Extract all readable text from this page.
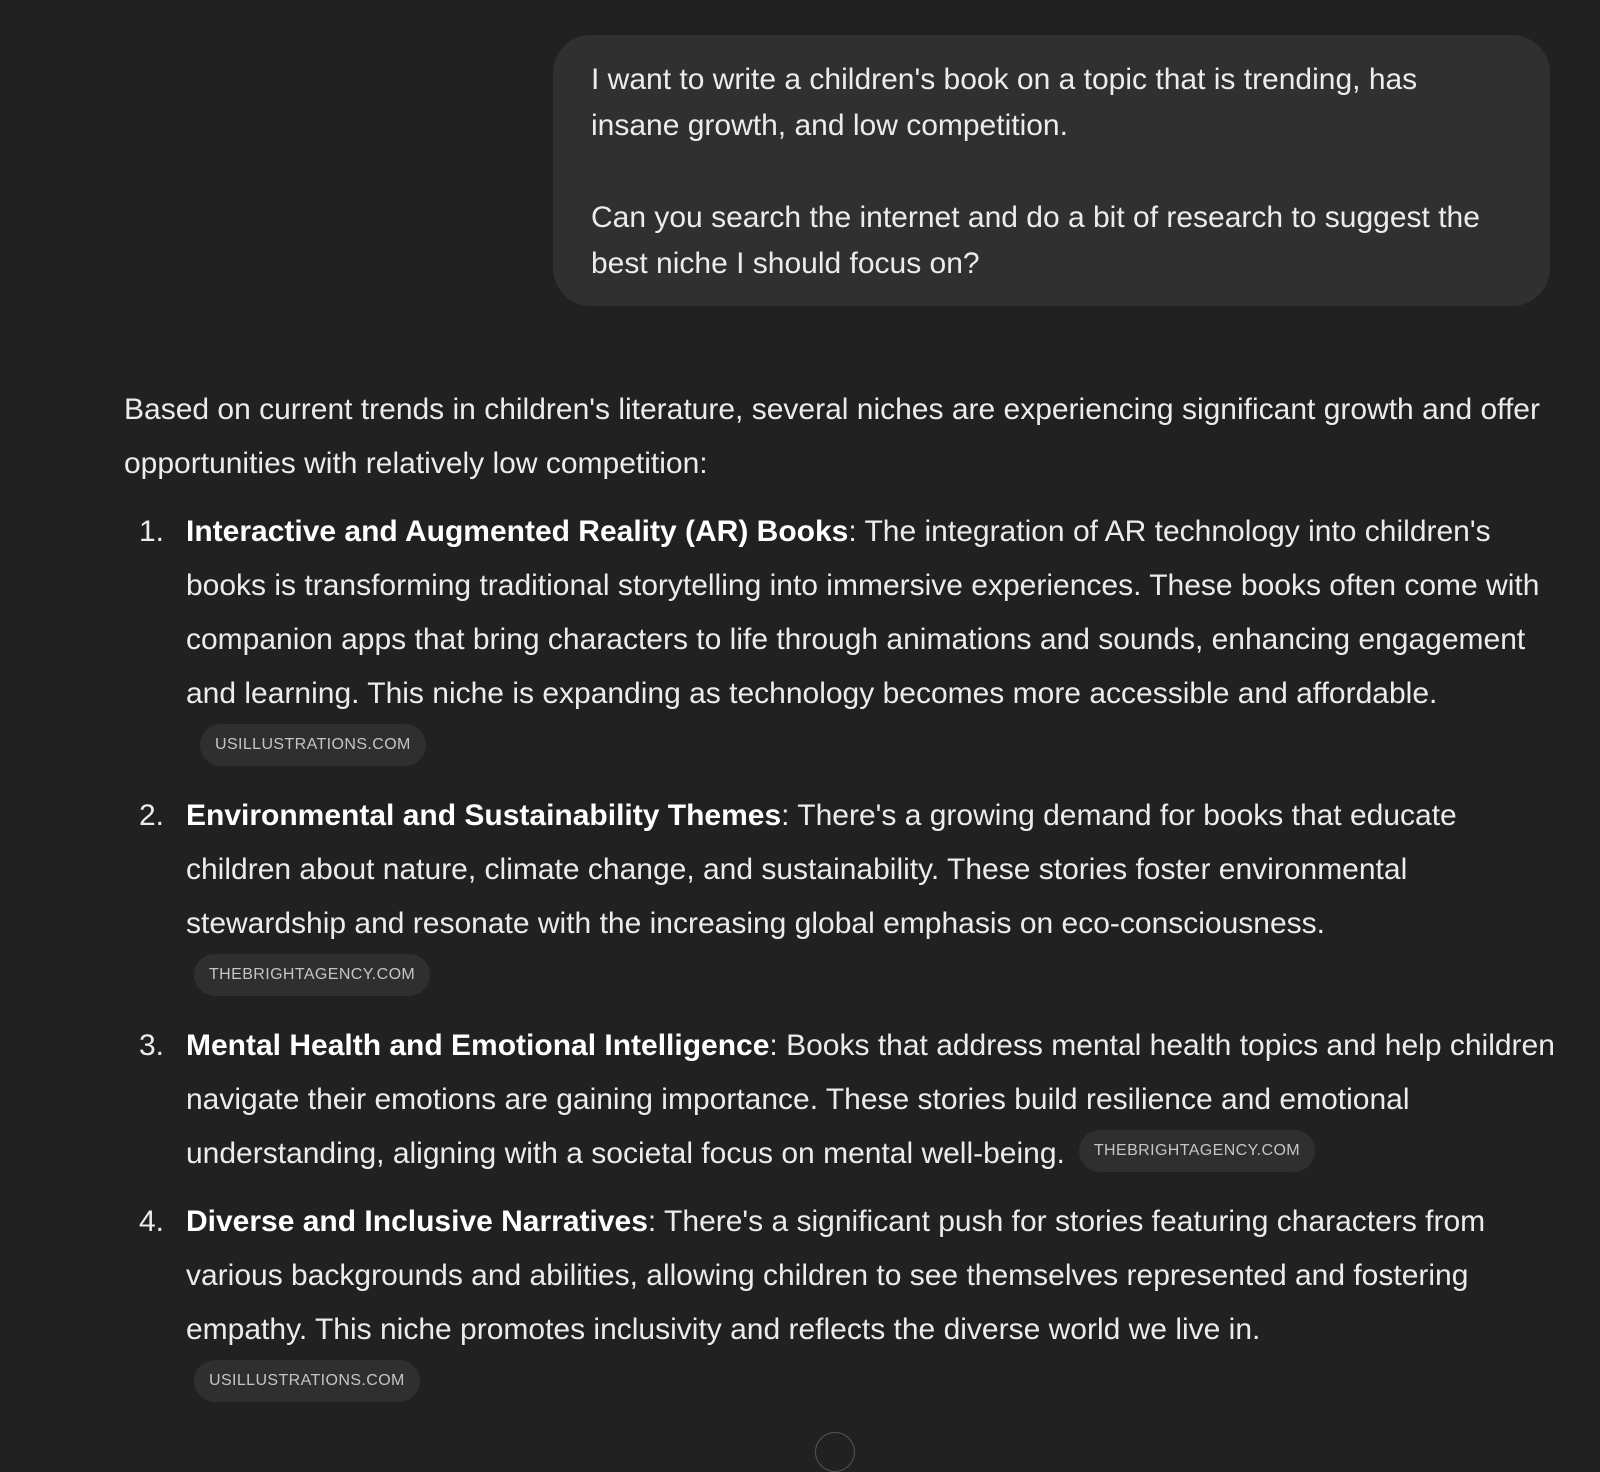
I want to write a children's book on a topic that is trending, has insane growth, and low competition.

Can you search the internet and do a bit of research to suggest the best niche I should focus on?

Based on current trends in children's literature, several niches are experiencing significant growth and offer opportunities with relatively low competition:

1. Interactive and Augmented Reality (AR) Books: The integration of AR technology into children's books is transforming traditional storytelling into immersive experiences. These books often come with companion apps that bring characters to life through animations and sounds, enhancing engagement and learning. This niche is expanding as technology becomes more accessible and affordable.USILLUSTRATIONS.COM
2. Environmental and Sustainability Themes: There's a growing demand for books that educate children about nature, climate change, and sustainability. These stories foster environmental stewardship and resonate with the increasing global emphasis on eco-consciousness.
THEBRIGHTAGENCY.COM
3. Mental Health and Emotional Intelligence: Books that address mental health topics and help children navigate their emotions are gaining importance. These stories build resilience and emotional understanding, aligning with a societal focus on mental well-being. THEBRIGHTAGENCY.COM
4. Diverse and Inclusive Narratives: There's a significant push for stories featuring characters from various backgrounds and abilities, allowing children to see themselves represented and fostering empathy. This niche promotes inclusivity and reflects the diverse world we live in.
USILLUSTRATIONS.COM
